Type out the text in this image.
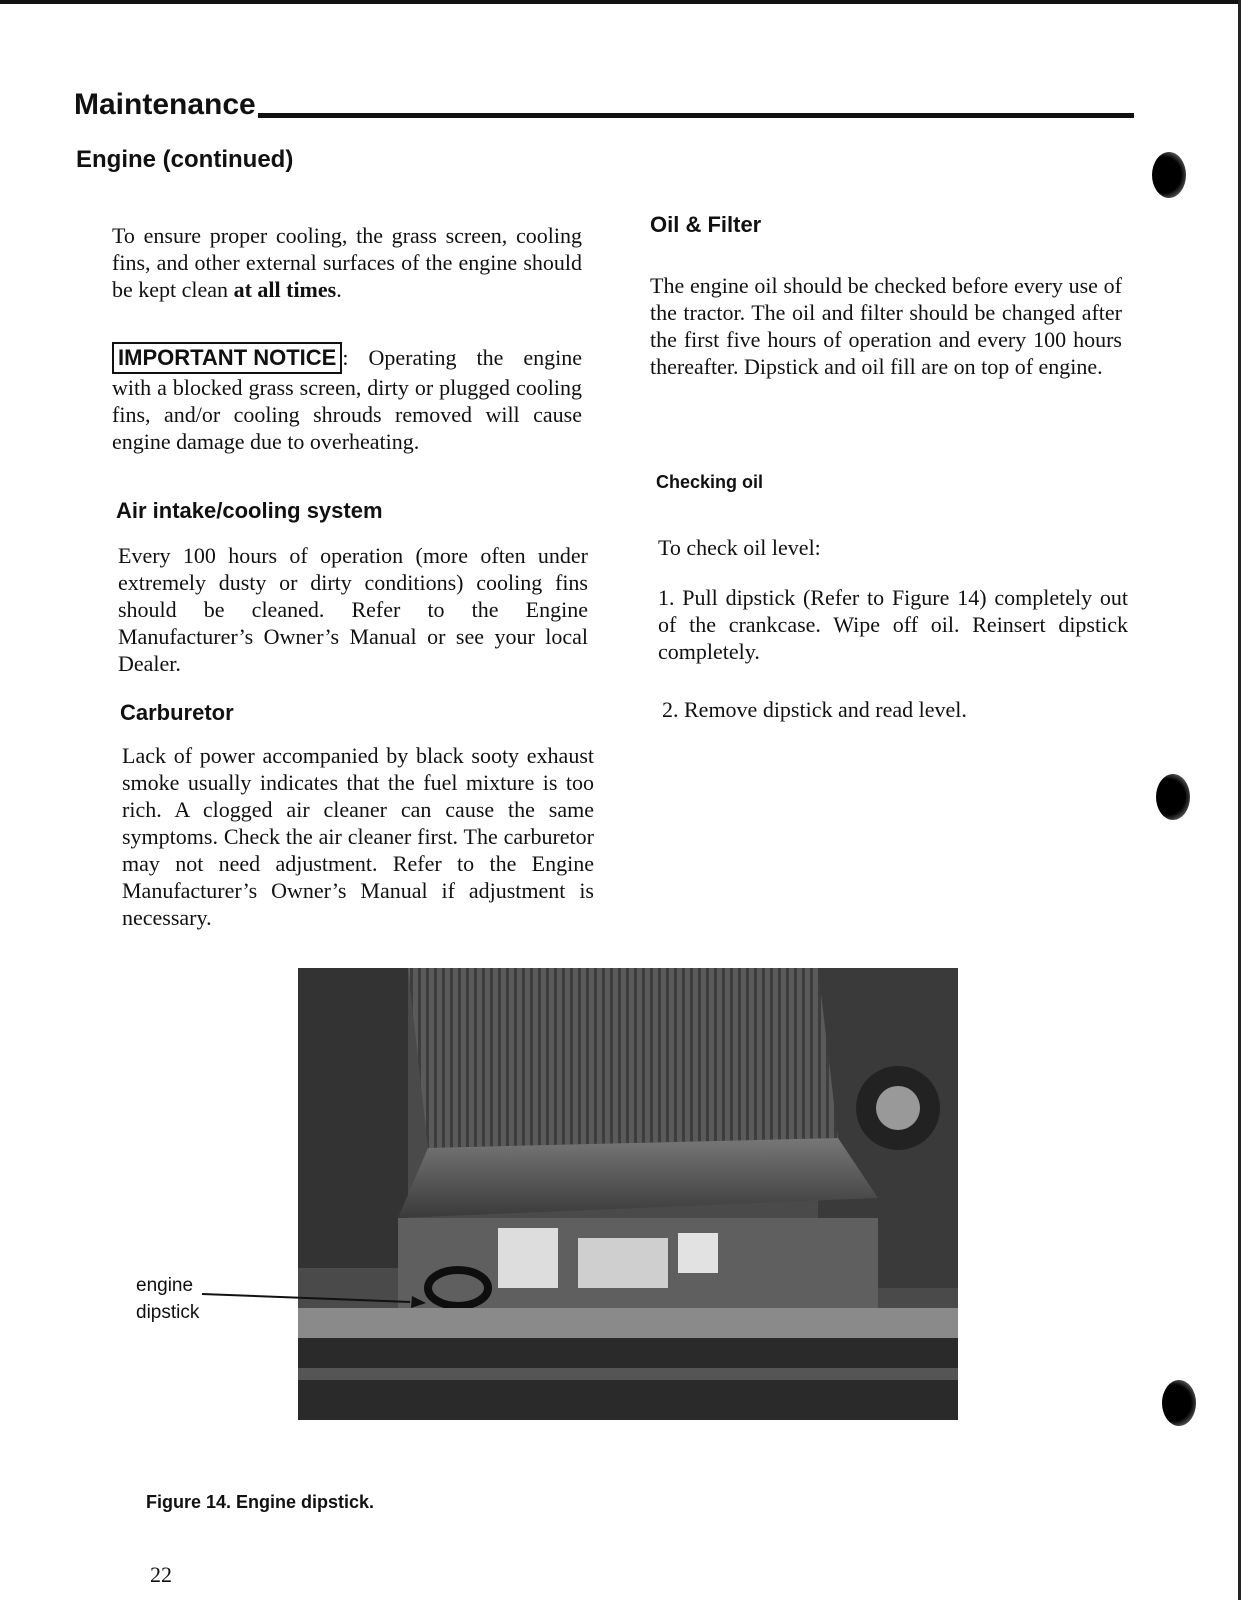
Maintenance
Engine (continued)

To ensure proper cooling, the grass screen, cooling fins, and other external surfaces of the engine should be kept clean at all times.

IMPORTANT NOTICE : Operating the engine with a blocked grass screen, dirty or plugged cooling fins, and/or cooling shrouds removed will cause engine damage due to overheating.

Air intake/cooling system

Every 100 hours of operation (more often under extremely dusty or dirty conditions) cooling fins should be cleaned. Refer to the Engine Manufacturer’s Owner’s Manual or see your local Dealer.

Carburetor

Lack of power accompanied by black sooty exhaust smoke usually indicates that the fuel mixture is too rich. A clogged air cleaner can cause the same symptoms. Check the air cleaner first. The carburetor may not need adjustment. Refer to the Engine Manufacturer’s Owner’s Manual if adjustment is necessary.

Oil & Filter

The engine oil should be checked before every use of the tractor. The oil and filter should be changed after the first five hours of operation and every 100 hours thereafter. Dipstick and oil fill are on top of engine.

Checking oil

To check oil level:

1. Pull dipstick (Refer to Figure 14) completely out of the crankcase. Wipe off oil. Reinsert dipstick completely.

2. Remove dipstick and read level.

engine
dipstick
Figure 14. Engine dipstick.
22
